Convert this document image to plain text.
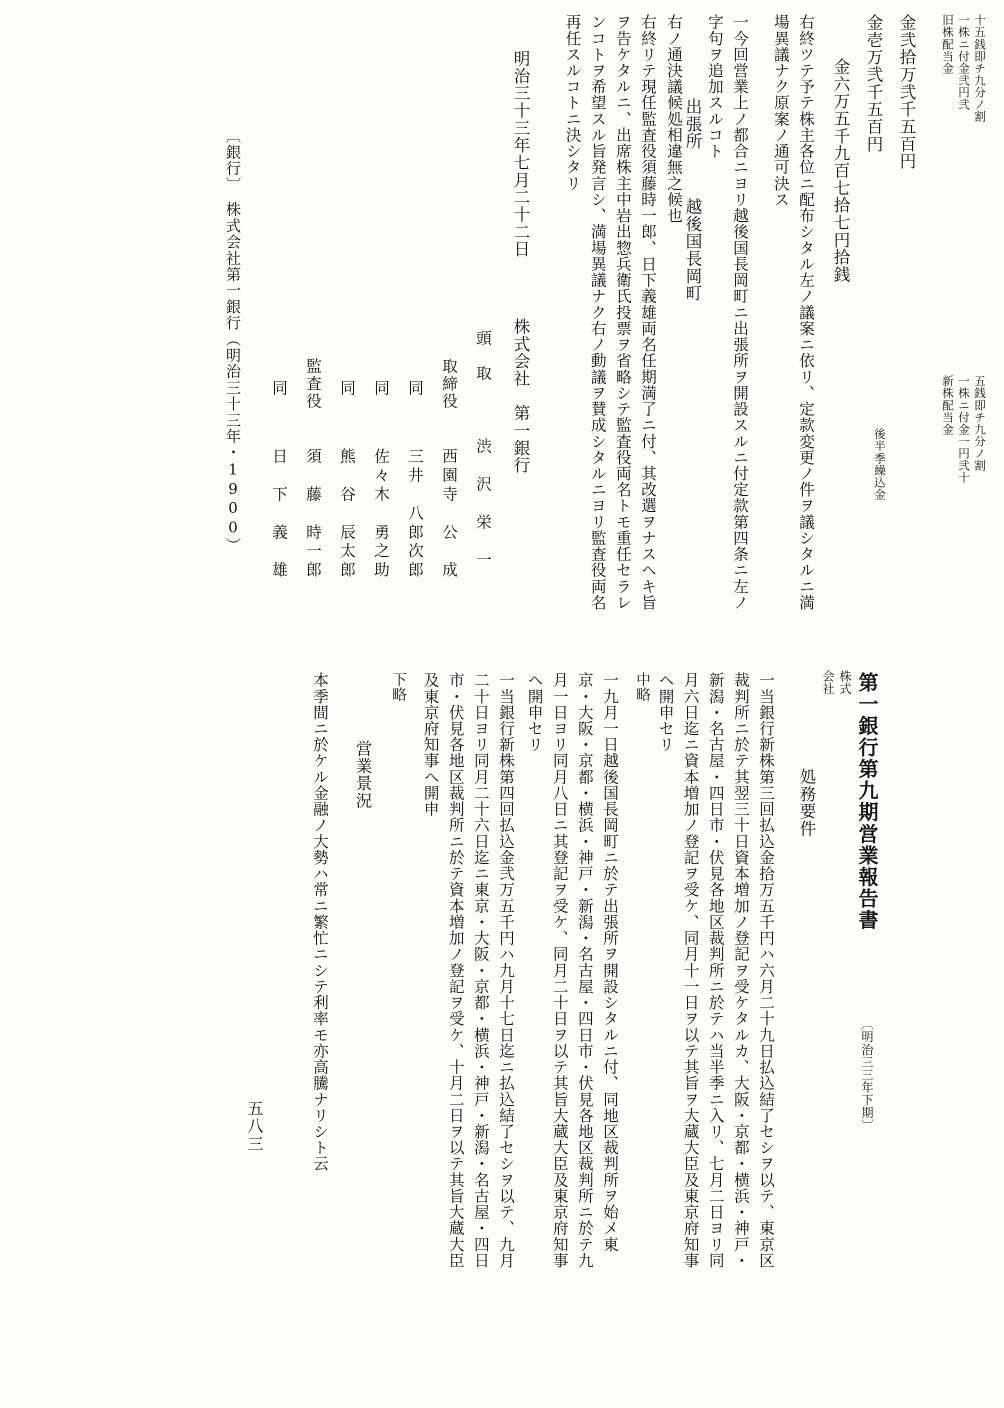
金弐拾万弐千五百円 旧株配当金 一株ニ付金弐円弐 十五銭即チ九分ノ割
金壱万弐千五百円
新株配当金 一株ニ付金一円弐十 五銭即チ九分ノ割
金六万五千九百七拾七円拾銭
後半季繰込金
右終ツテ予テ株主各位ニ配布シタル左ノ議案ニ依リ、定款変更ノ件ヲ議シタルニ満場異議ナク原案ノ通可決ス
一今回営業上ノ都合ニヨリ越後国長岡町ニ出張所ヲ開設スルニ付定款第四条ニ左ノ字句ヲ追加スルコト
出張所
越後国長岡町
右ノ通決議候処相違無之候也
右終リテ現任監査役須藤時一郎、日下義雄両名任期満了ニ付、其改選ヲナスヘキ旨ヲ告ケタルニ、出席株主中岩出惣兵衛氏投票ヲ省略シテ監査役両名トモ重任セラレンコトヲ希望スル旨発言シ、満場異議ナク右ノ動議ヲ賛成シタルニヨリ監査役両名再任スルコトニ決シタリ
明治三十三年七月二十二日
株式会社　第一銀行
頭　取
渋　沢　栄　一
取締役
西園寺　公　成
同
三井　八郎次郎
同
佐々木　勇之助
同
熊　谷　辰太郎
監査役
須　藤　時一郎
同
日　下　義　雄
〔銀行〕　株式会社第一銀行（明治三十三年・1900）
株式
会社	第一銀行第九期営業報告書
〔明治三三年下期〕
処務要件
一当銀行新株第三回払込金拾万五千円ハ六月二十九日払込結了セシヲ以テ、東京区裁判所ニ於テ其翌三十日資本増加ノ登記ヲ受ケタルカ、大阪・京都・横浜・神戸・新潟・名古屋・四日市・伏見各地区裁判所ニ於テハ当半季ニ入リ、七月二日ヨリ同月六日迄ニ資本増加ノ登記ヲ受ケ、同月十一日ヲ以テ其旨ヲ大蔵大臣及東京府知事ヘ開申セリ
中略
一九月一日越後国長岡町ニ於テ出張所ヲ開設シタルニ付、同地区裁判所ヲ始メ東京・大阪・京都・横浜・神戸・新潟・名古屋・四日市・伏見各地区裁判所ニ於テ九月一日ヨリ同月八日ニ其登記ヲ受ケ、同月二十日ヲ以テ其旨大蔵大臣及東京府知事ヘ開申セリ
一当銀行新株第四回払込金弐万五千円ハ九月十七日迄ニ払込結了セシヲ以テ、九月二十日ヨリ同月二十六日迄ニ東京・大阪・京都・横浜・神戸・新潟・名古屋・四日市・伏見各地区裁判所ニ於テ資本増加ノ登記ヲ受ケ、十月二日ヲ以テ其旨大蔵大臣及東京府知事ヘ開申
下略
営業景況
本季間ニ於ケル金融ノ大勢ハ常ニ繁忙ニシテ利率モ亦高騰ナリシト云
五八三
